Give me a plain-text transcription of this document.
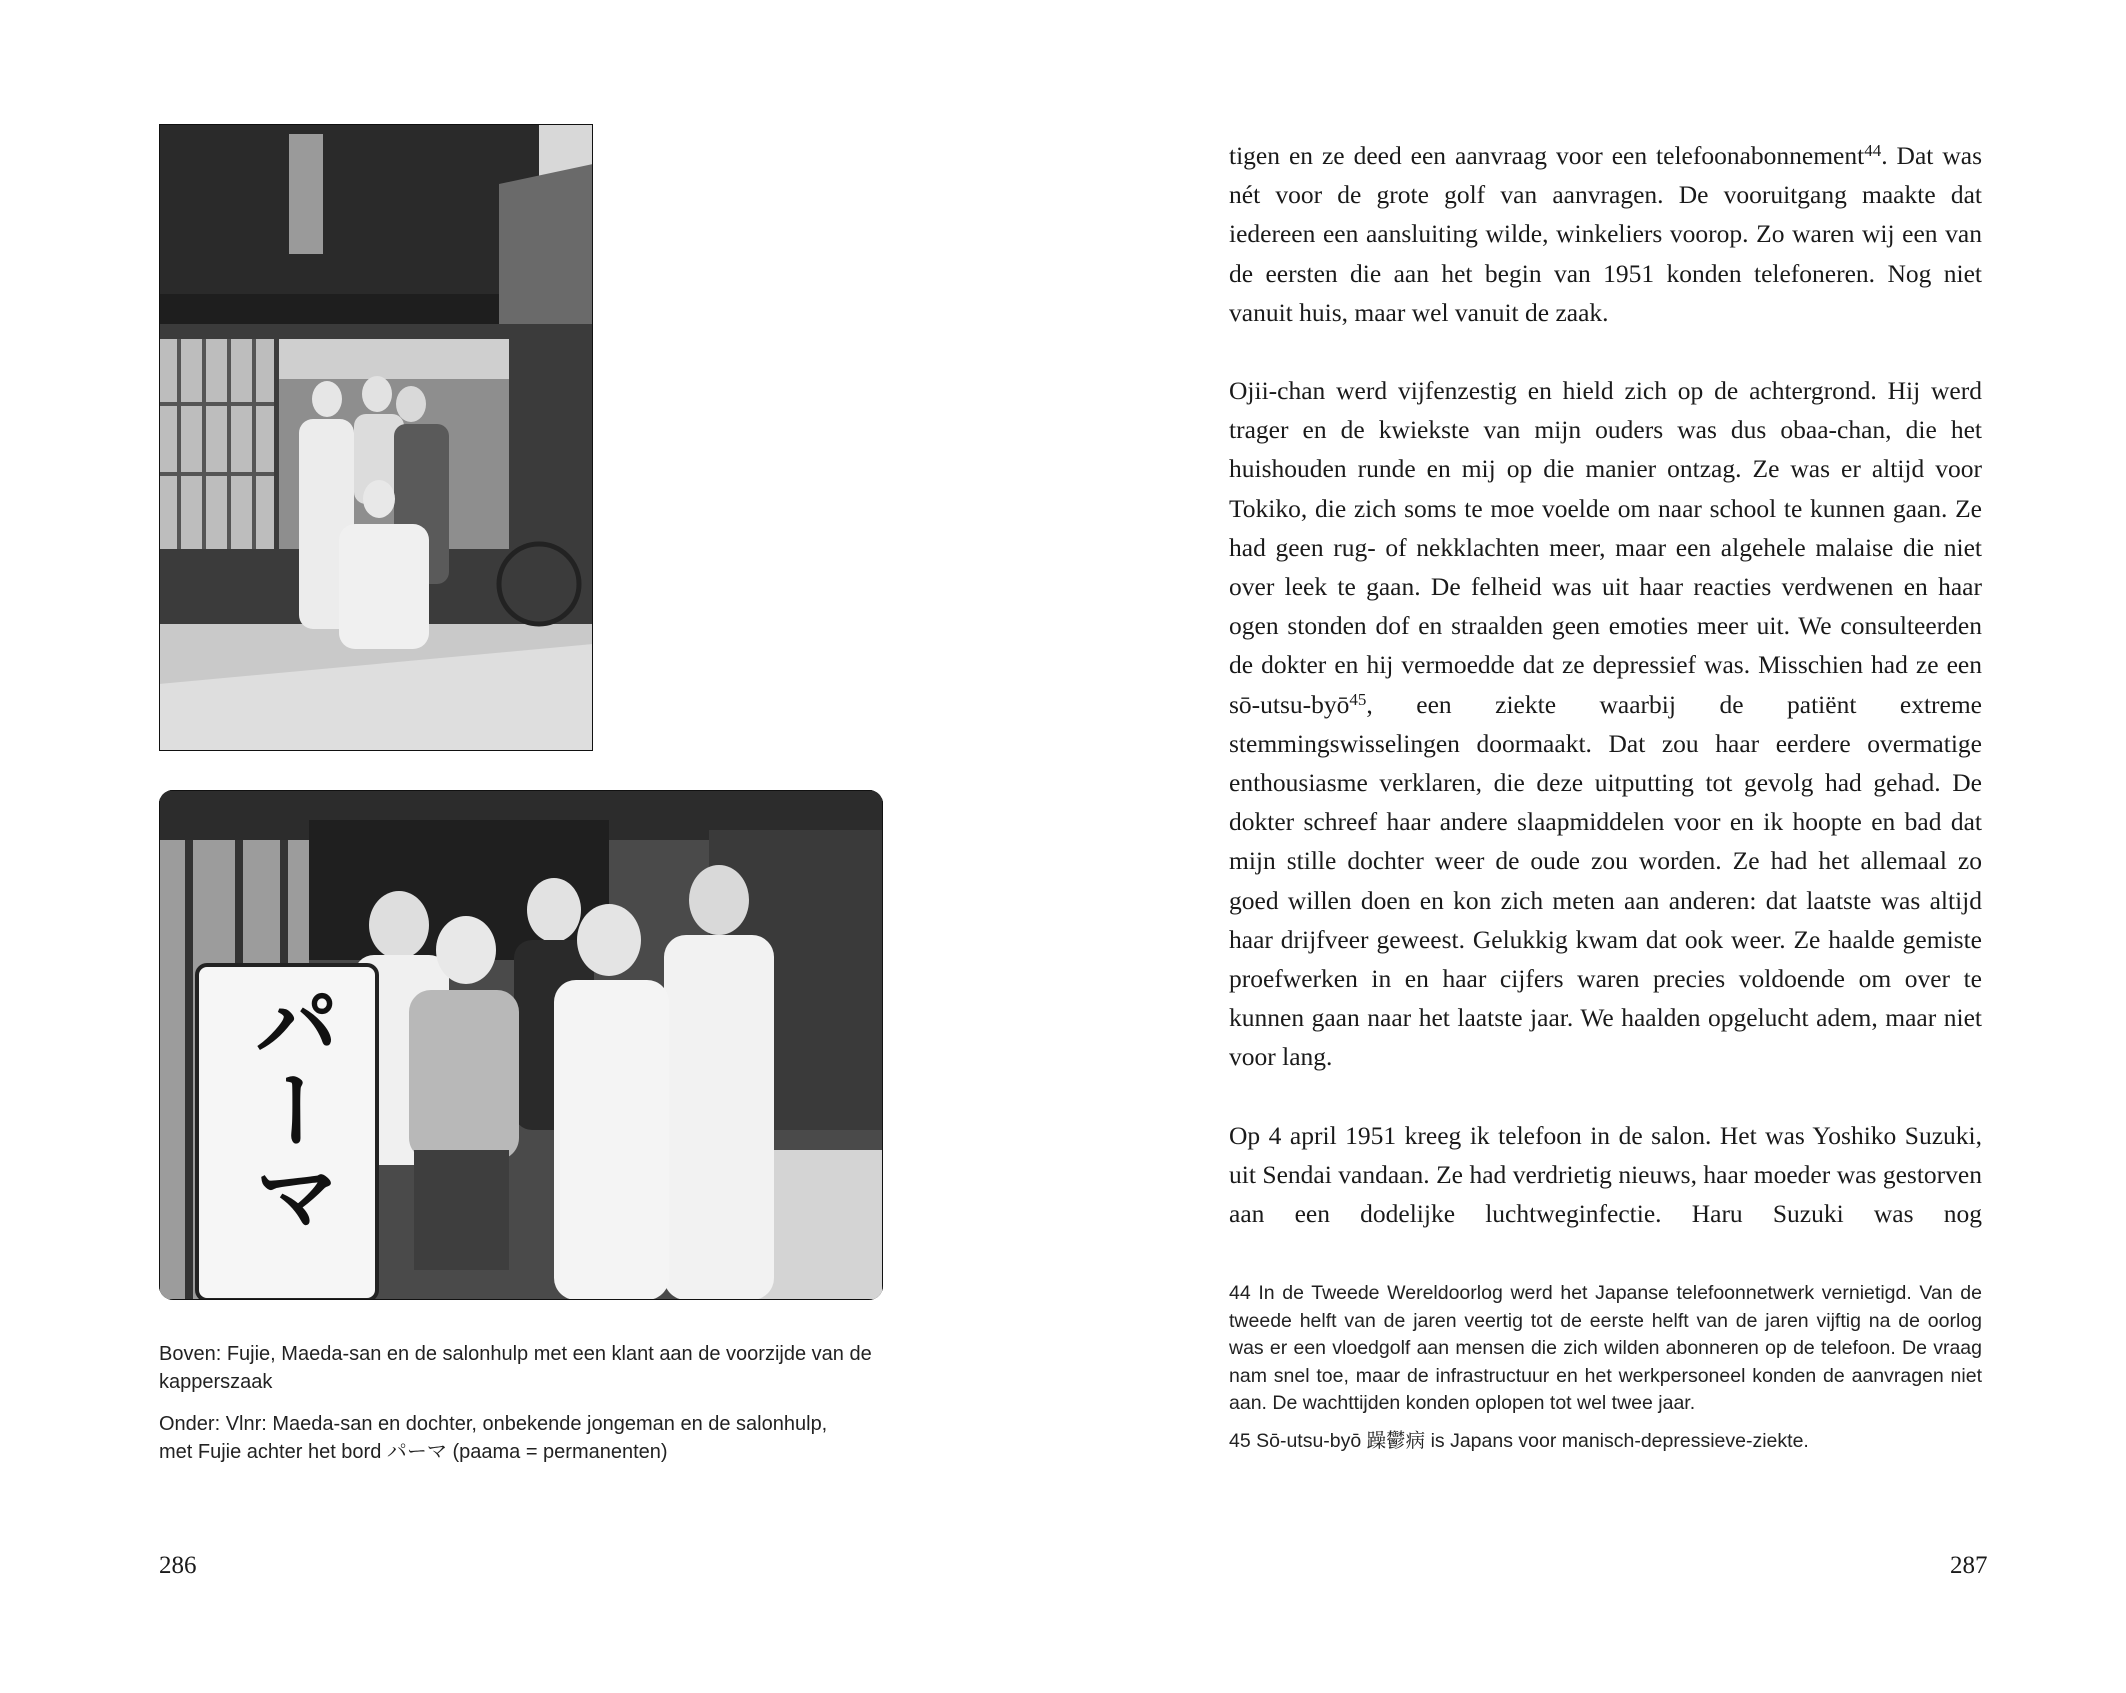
パーマ
Boven: Fujie, Maeda-san en de salonhulp met een klant aan de voorzijde van de kapperszaak
Onder: Vlnr: Maeda-san en dochter, onbekende jongeman en de salonhulp,
met Fujie achter het bord パーマ (paama = permanenten)
286

tigen en ze deed een aanvraag voor een telefoonabonnement$^{44}$. Dat was nét voor de grote golf van aanvragen. De vooruitgang maakte dat iedereen een aansluiting wilde, winkeliers voorop. Zo waren wij een van de eersten die aan het begin van 1951 konden telefoneren. Nog niet vanuit huis, maar wel vanuit de zaak.

Ojii-chan werd vijfenzestig en hield zich op de achtergrond. Hij werd trager en de kwiekste van mijn ouders was dus obaa-chan, die het huishouden runde en mij op die manier ontzag. Ze was er altijd voor Tokiko, die zich soms te moe voelde om naar school te kunnen gaan. Ze had geen rug- of nekklachten meer, maar een algehele malaise die niet over leek te gaan. De felheid was uit haar reacties verdwenen en haar ogen stonden dof en straalden geen emoties meer uit. We consulteerden de dokter en hij vermoedde dat ze depressief was. Misschien had ze een sō-utsu-byō$^{45}$, een ziekte waarbij de patiënt extreme stemmingswisselingen doormaakt. Dat zou haar eerdere overmatige enthousiasme verklaren, die deze uitputting tot gevolg had gehad. De dokter schreef haar andere slaapmiddelen voor en ik hoopte en bad dat mijn stille dochter weer de oude zou worden. Ze had het allemaal zo goed willen doen en kon zich meten aan anderen: dat laatste was altijd haar drijfveer geweest. Gelukkig kwam dat ook weer. Ze haalde gemiste proefwerken in en haar cijfers waren precies voldoende om over te kunnen gaan naar het laatste jaar. We haalden opgelucht adem, maar niet voor lang.

Op 4 april 1951 kreeg ik telefoon in de salon. Het was Yoshiko Suzuki, uit Sendai vandaan. Ze had verdrietig nieuws, haar moeder was gestorven aan een dodelijke luchtweginfectie. Haru Suzuki was nog

44 In de Tweede Wereldoorlog werd het Japanse telefoonnetwerk vernietigd. Van de tweede helft van de jaren veertig tot de eerste helft van de jaren vijftig na de oorlog was er een vloedgolf aan mensen die zich wilden abonneren op de telefoon. De vraag nam snel toe, maar de infrastructuur en het werkpersoneel konden de aanvragen niet aan. De wachttijden konden oplopen tot wel twee jaar.

45 Sō-utsu-byō 躁鬱病 is Japans voor manisch-depressieve-ziekte.

287
